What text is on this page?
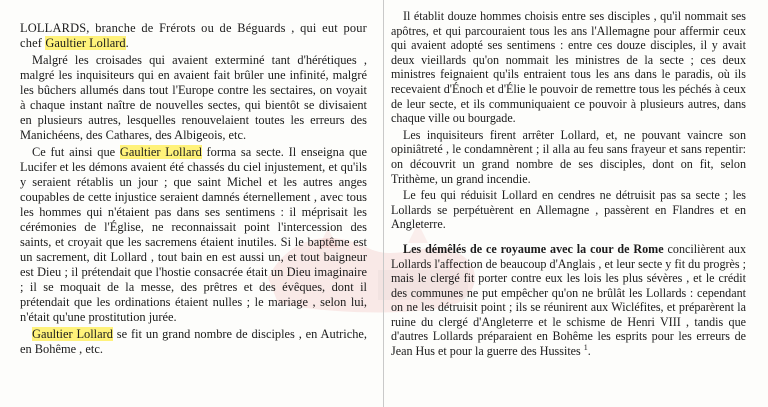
LOLLARDS, branche de Frérots ou de Béguards , qui eut pour chef Gaultier Lollard.

Malgré les croisades qui avaient exterminé tant d'hérétiques , malgré les inquisiteurs qui en avaient fait brûler une infinité, malgré les bûchers allumés dans tout l'Europe contre les sectaires, on voyait à chaque instant naître de nouvelles sectes, qui bientôt se divisaient en plusieurs autres, lesquelles renouvelaient toutes les erreurs des Manichéens, des Cathares, des Albigeois, etc.

Ce fut ainsi que Gaultier Lollard forma sa secte. Il enseigna que Lucifer et les démons avaient été chassés du ciel injustement, et qu'ils y seraient rétablis un jour ; que saint Michel et les autres anges coupables de cette injustice seraient damnés éternellement , avec tous les hommes qui n'étaient pas dans ses sentimens : il méprisait les cérémonies de l'Église, ne reconnaissait point l'intercession des saints, et croyait que les sacremens étaient inutiles. Si le baptême est un sacrement, dit Lollard , tout bain en est aussi un, et tout baigneur est Dieu ; il prétendait que l'hostie consacrée était un Dieu imaginaire ; il se moquait de la messe, des prêtres et des évêques, dont il prétendait que les ordinations étaient nulles ; le mariage , selon lui, n'était qu'une prostitution jurée.

Gaultier Lollard se fit un grand nombre de disciples , en Autriche, en Bohême , etc.

Il établit douze hommes choisis entre ses disciples , qu'il nommait ses apôtres, et qui parcouraient tous les ans l'Allemagne pour affermir ceux qui avaient adopté ses sentimens : entre ces douze disciples, il y avait deux vieillards qu'on nommait les ministres de la secte ; ces deux ministres feignaient qu'ils entraient tous les ans dans le paradis, où ils recevaient d'Énoch et d'Élie le pouvoir de remettre tous les péchés à ceux de leur secte, et ils communiquaient ce pouvoir à plusieurs autres, dans chaque ville ou bourgade.

Les inquisiteurs firent arrêter Lollard, et, ne pouvant vaincre son opiniâtreté , le condamnèrent ; il alla au feu sans frayeur et sans repentir: on découvrit un grand nombre de ses disciples, dont on fit, selon Trithème, un grand incendie.

Le feu qui réduisit Lollard en cendres ne détruisit pas sa secte ; les Lollards se perpétuèrent en Allemagne , passèrent en Flandres et en Angleterre.

Les démêlés de ce royaume avec la cour de Rome concilièrent aux Lollards l'affection de beaucoup d'Anglais , et leur secte y fit du progrès ; mais le clergé fit porter contre eux les lois les plus sévères , et le crédit des communes ne put empêcher qu'on ne brûlât les Lollards : cependant on ne les détruisit point ; ils se réunirent aux Wicléfites, et préparèrent la ruine du clergé d'Angleterre et le schisme de Henri VIII , tandis que d'autres Lollards préparaient en Bohême les esprits pour les erreurs de Jean Hus et pour la guerre des Hussites $^1$.
